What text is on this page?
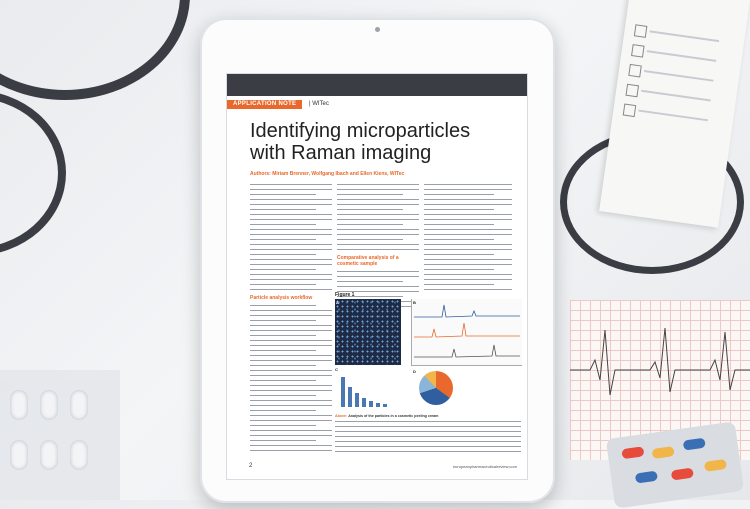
APPLICATION NOTE	| WITec
Identifying microparticles with Raman imaging
Authors: Miriam Brenner, Wolfgang Ibach and Ellen Kiens, WITec

Particle analysis workflow

Comparative analysis of a cosmetic sample

Figure 1
A	B
C	D

Above: Analysis of the particles in a cosmetic peeling cream

2	europeanpharmaceuticalreview.com
